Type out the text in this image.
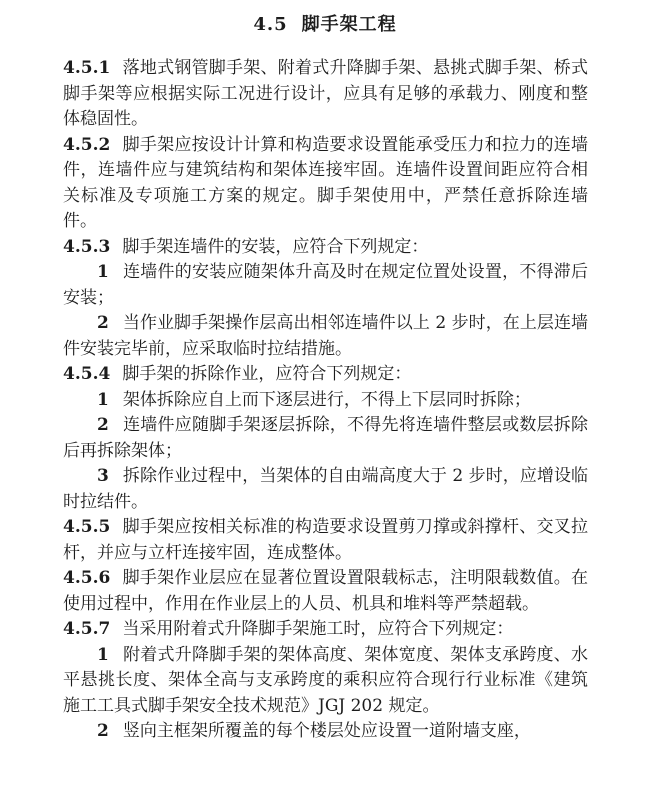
4.5 脚手架工程

4.5.1 落地式钢管脚手架、附着式升降脚手架、悬挑式脚手架、桥式脚手架等应根据实际工况进行设计，应具有足够的承载力、刚度和整体稳固性。

4.5.2 脚手架应按设计计算和构造要求设置能承受压力和拉力的连墙件，连墙件应与建筑结构和架体连接牢固。连墙件设置间距应符合相关标准及专项施工方案的规定。脚手架使用中，严禁任意拆除连墙件。

4.5.3 脚手架连墙件的安装，应符合下列规定：

1 连墙件的安装应随架体升高及时在规定位置处设置，不得滞后安装；

2 当作业脚手架操作层高出相邻连墙件以上 2 步时，在上层连墙件安装完毕前，应采取临时拉结措施。

4.5.4 脚手架的拆除作业，应符合下列规定：

1 架体拆除应自上而下逐层进行，不得上下层同时拆除；

2 连墙件应随脚手架逐层拆除，不得先将连墙件整层或数层拆除后再拆除架体；

3 拆除作业过程中，当架体的自由端高度大于 2 步时，应增设临时拉结件。

4.5.5 脚手架应按相关标准的构造要求设置剪刀撑或斜撑杆、交叉拉杆，并应与立杆连接牢固，连成整体。

4.5.6 脚手架作业层应在显著位置设置限载标志，注明限载数值。在使用过程中，作用在作业层上的人员、机具和堆料等严禁超载。

4.5.7 当采用附着式升降脚手架施工时，应符合下列规定：

1 附着式升降脚手架的架体高度、架体宽度、架体支承跨度、水平悬挑长度、架体全高与支承跨度的乘积应符合现行行业标准《建筑施工工具式脚手架安全技术规范》JGJ 202 规定。

2 竖向主框架所覆盖的每个楼层处应设置一道附墙支座，
